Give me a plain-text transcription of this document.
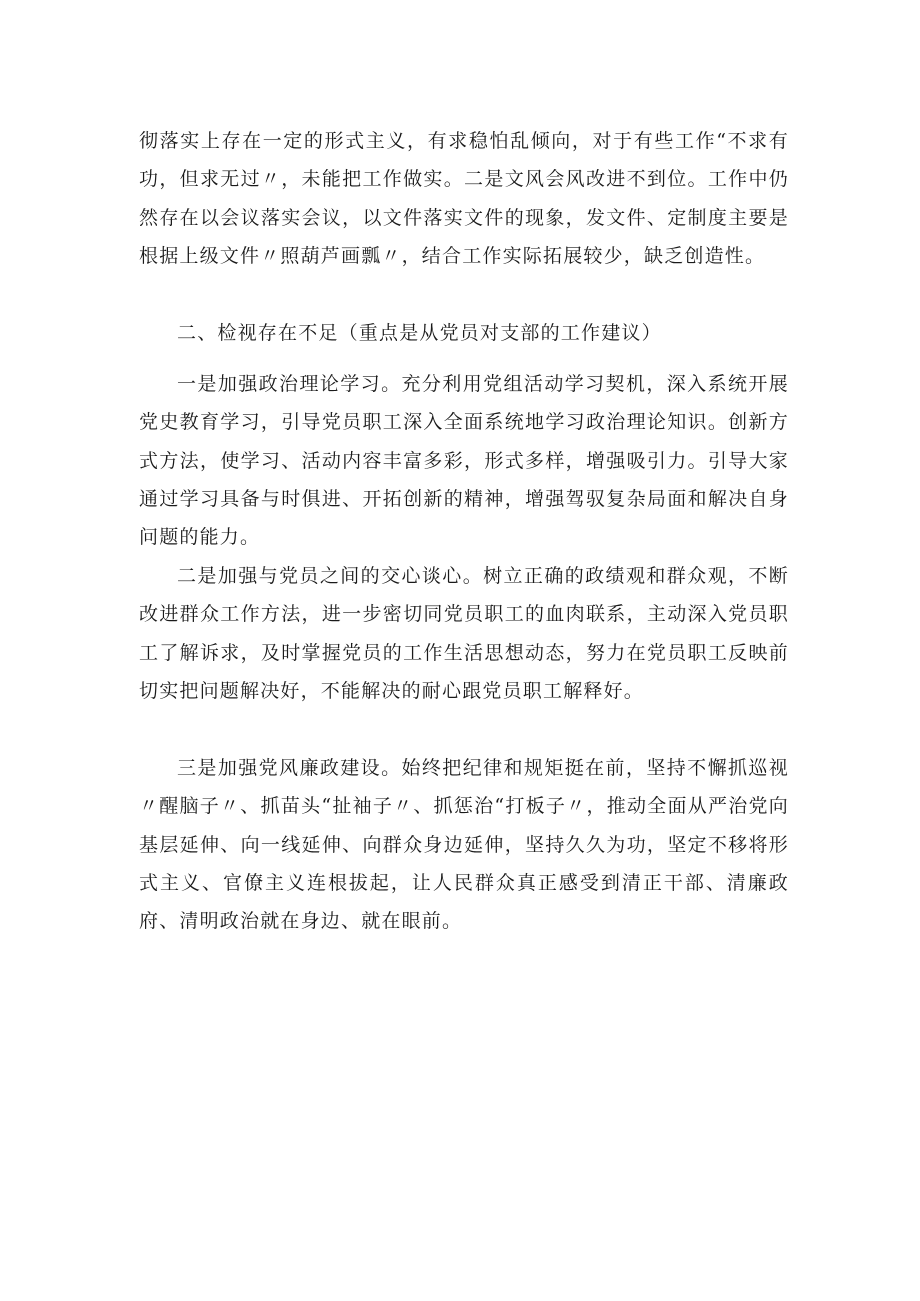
彻落实上存在一定的形式主义，有求稳怕乱倾向，对于有些工作“不求有功，但求无过〃，未能把工作做实。二是文风会风改进不到位。工作中仍然存在以会议落实会议，以文件落实文件的现象，发文件、定制度主要是根据上级文件〃照葫芦画瓢〃，结合工作实际拓展较少，缺乏创造性。

二、检视存在不足（重点是从党员对支部的工作建议）

一是加强政治理论学习。充分利用党组活动学习契机，深入系统开展党史教育学习，引导党员职工深入全面系统地学习政治理论知识。创新方式方法，使学习、活动内容丰富多彩，形式多样，增强吸引力。引导大家通过学习具备与时俱进、开拓创新的精神，增强驾驭复杂局面和解决自身问题的能力。

二是加强与党员之间的交心谈心。树立正确的政绩观和群众观，不断改进群众工作方法，进一步密切同党员职工的血肉联系，主动深入党员职工了解诉求，及时掌握党员的工作生活思想动态，努力在党员职工反映前切实把问题解决好，不能解决的耐心跟党员职工解释好。

三是加强党风廉政建设。始终把纪律和规矩挺在前，坚持不懈抓巡视〃醒脑子〃、抓苗头“扯袖子〃、抓惩治“打板子〃，推动全面从严治党向基层延伸、向一线延伸、向群众身边延伸，坚持久久为功，坚定不移将形式主义、官僚主义连根拔起，让人民群众真正感受到清正干部、清廉政府、清明政治就在身边、就在眼前。
